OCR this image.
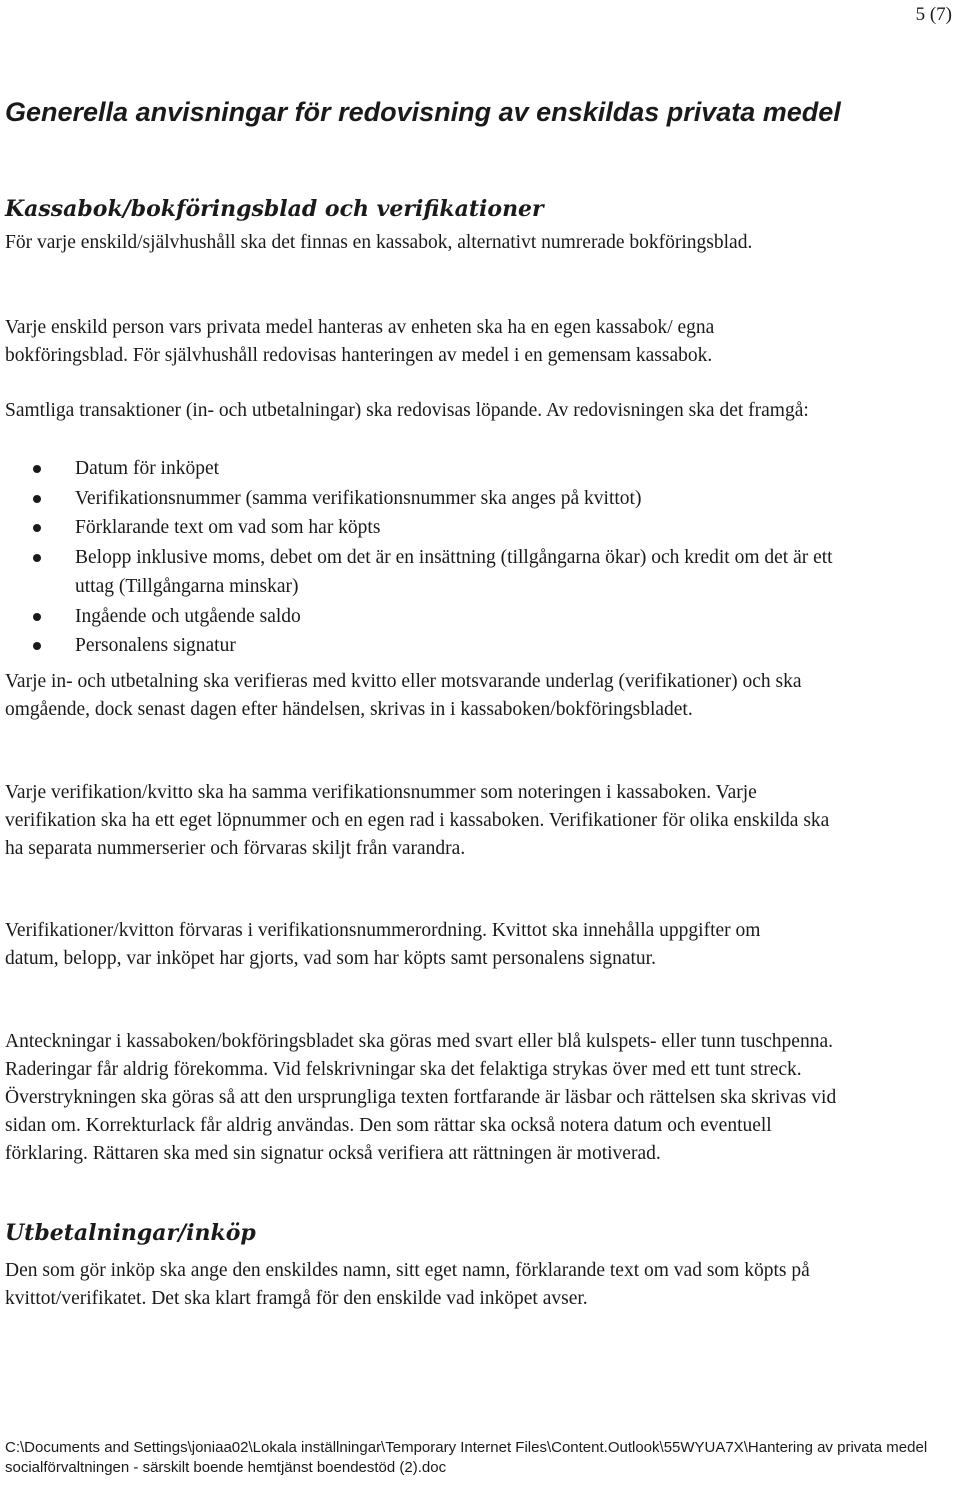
5 (7)
Generella anvisningar för redovisning av enskildas privata medel
Kassabok/bokföringsblad och verifikationer

För varje enskild/självhushåll ska det finnas en kassabok, alternativt numrerade bokföringsblad.

Varje enskild person vars privata medel hanteras av enheten ska ha en egen kassabok/ egna bokföringsblad. För självhushåll redovisas hanteringen av medel i en gemensam kassabok.

Samtliga transaktioner (in- och utbetalningar) ska redovisas löpande. Av redovisningen ska det framgå:

Datum för inköpet
Verifikationsnummer (samma verifikationsnummer ska anges på kvittot)
Förklarande text om vad som har köpts
Belopp inklusive moms, debet om det är en insättning (tillgångarna ökar) och kredit om det är ett uttag (Tillgångarna minskar)
Ingående och utgående saldo
Personalens signatur

Varje in- och utbetalning ska verifieras med kvitto eller motsvarande underlag (verifikationer) och ska omgående, dock senast dagen efter händelsen, skrivas in i kassaboken/bokföringsbladet.

Varje verifikation/kvitto ska ha samma verifikationsnummer som noteringen i kassaboken. Varje verifikation ska ha ett eget löpnummer och en egen rad i kassaboken. Verifikationer för olika enskilda ska ha separata nummerserier och förvaras skiljt från varandra.

Verifikationer/kvitton förvaras i verifikationsnummerordning. Kvittot ska innehålla uppgifter om datum, belopp, var inköpet har gjorts, vad som har köpts samt personalens signatur.

Anteckningar i kassaboken/bokföringsbladet ska göras med svart eller blå kulspets- eller tunn tuschpenna. Raderingar får aldrig förekomma. Vid felskrivningar ska det felaktiga strykas över med ett tunt streck. Överstrykningen ska göras så att den ursprungliga texten fortfarande är läsbar och rättelsen ska skrivas vid sidan om. Korrekturlack får aldrig användas. Den som rättar ska också notera datum och eventuell förklaring. Rättaren ska med sin signatur också verifiera att rättningen är motiverad.

Utbetalningar/inköp

Den som gör inköp ska ange den enskildes namn, sitt eget namn, förklarande text om vad som köpts på kvittot/verifikatet. Det ska klart framgå för den enskilde vad inköpet avser.

C:\Documents and Settings\joniaa02\Lokala inställningar\Temporary Internet Files\Content.Outlook\55WYUA7X\Hantering av privata medel socialförvaltningen - särskilt boende hemtjänst boendestöd (2).doc
